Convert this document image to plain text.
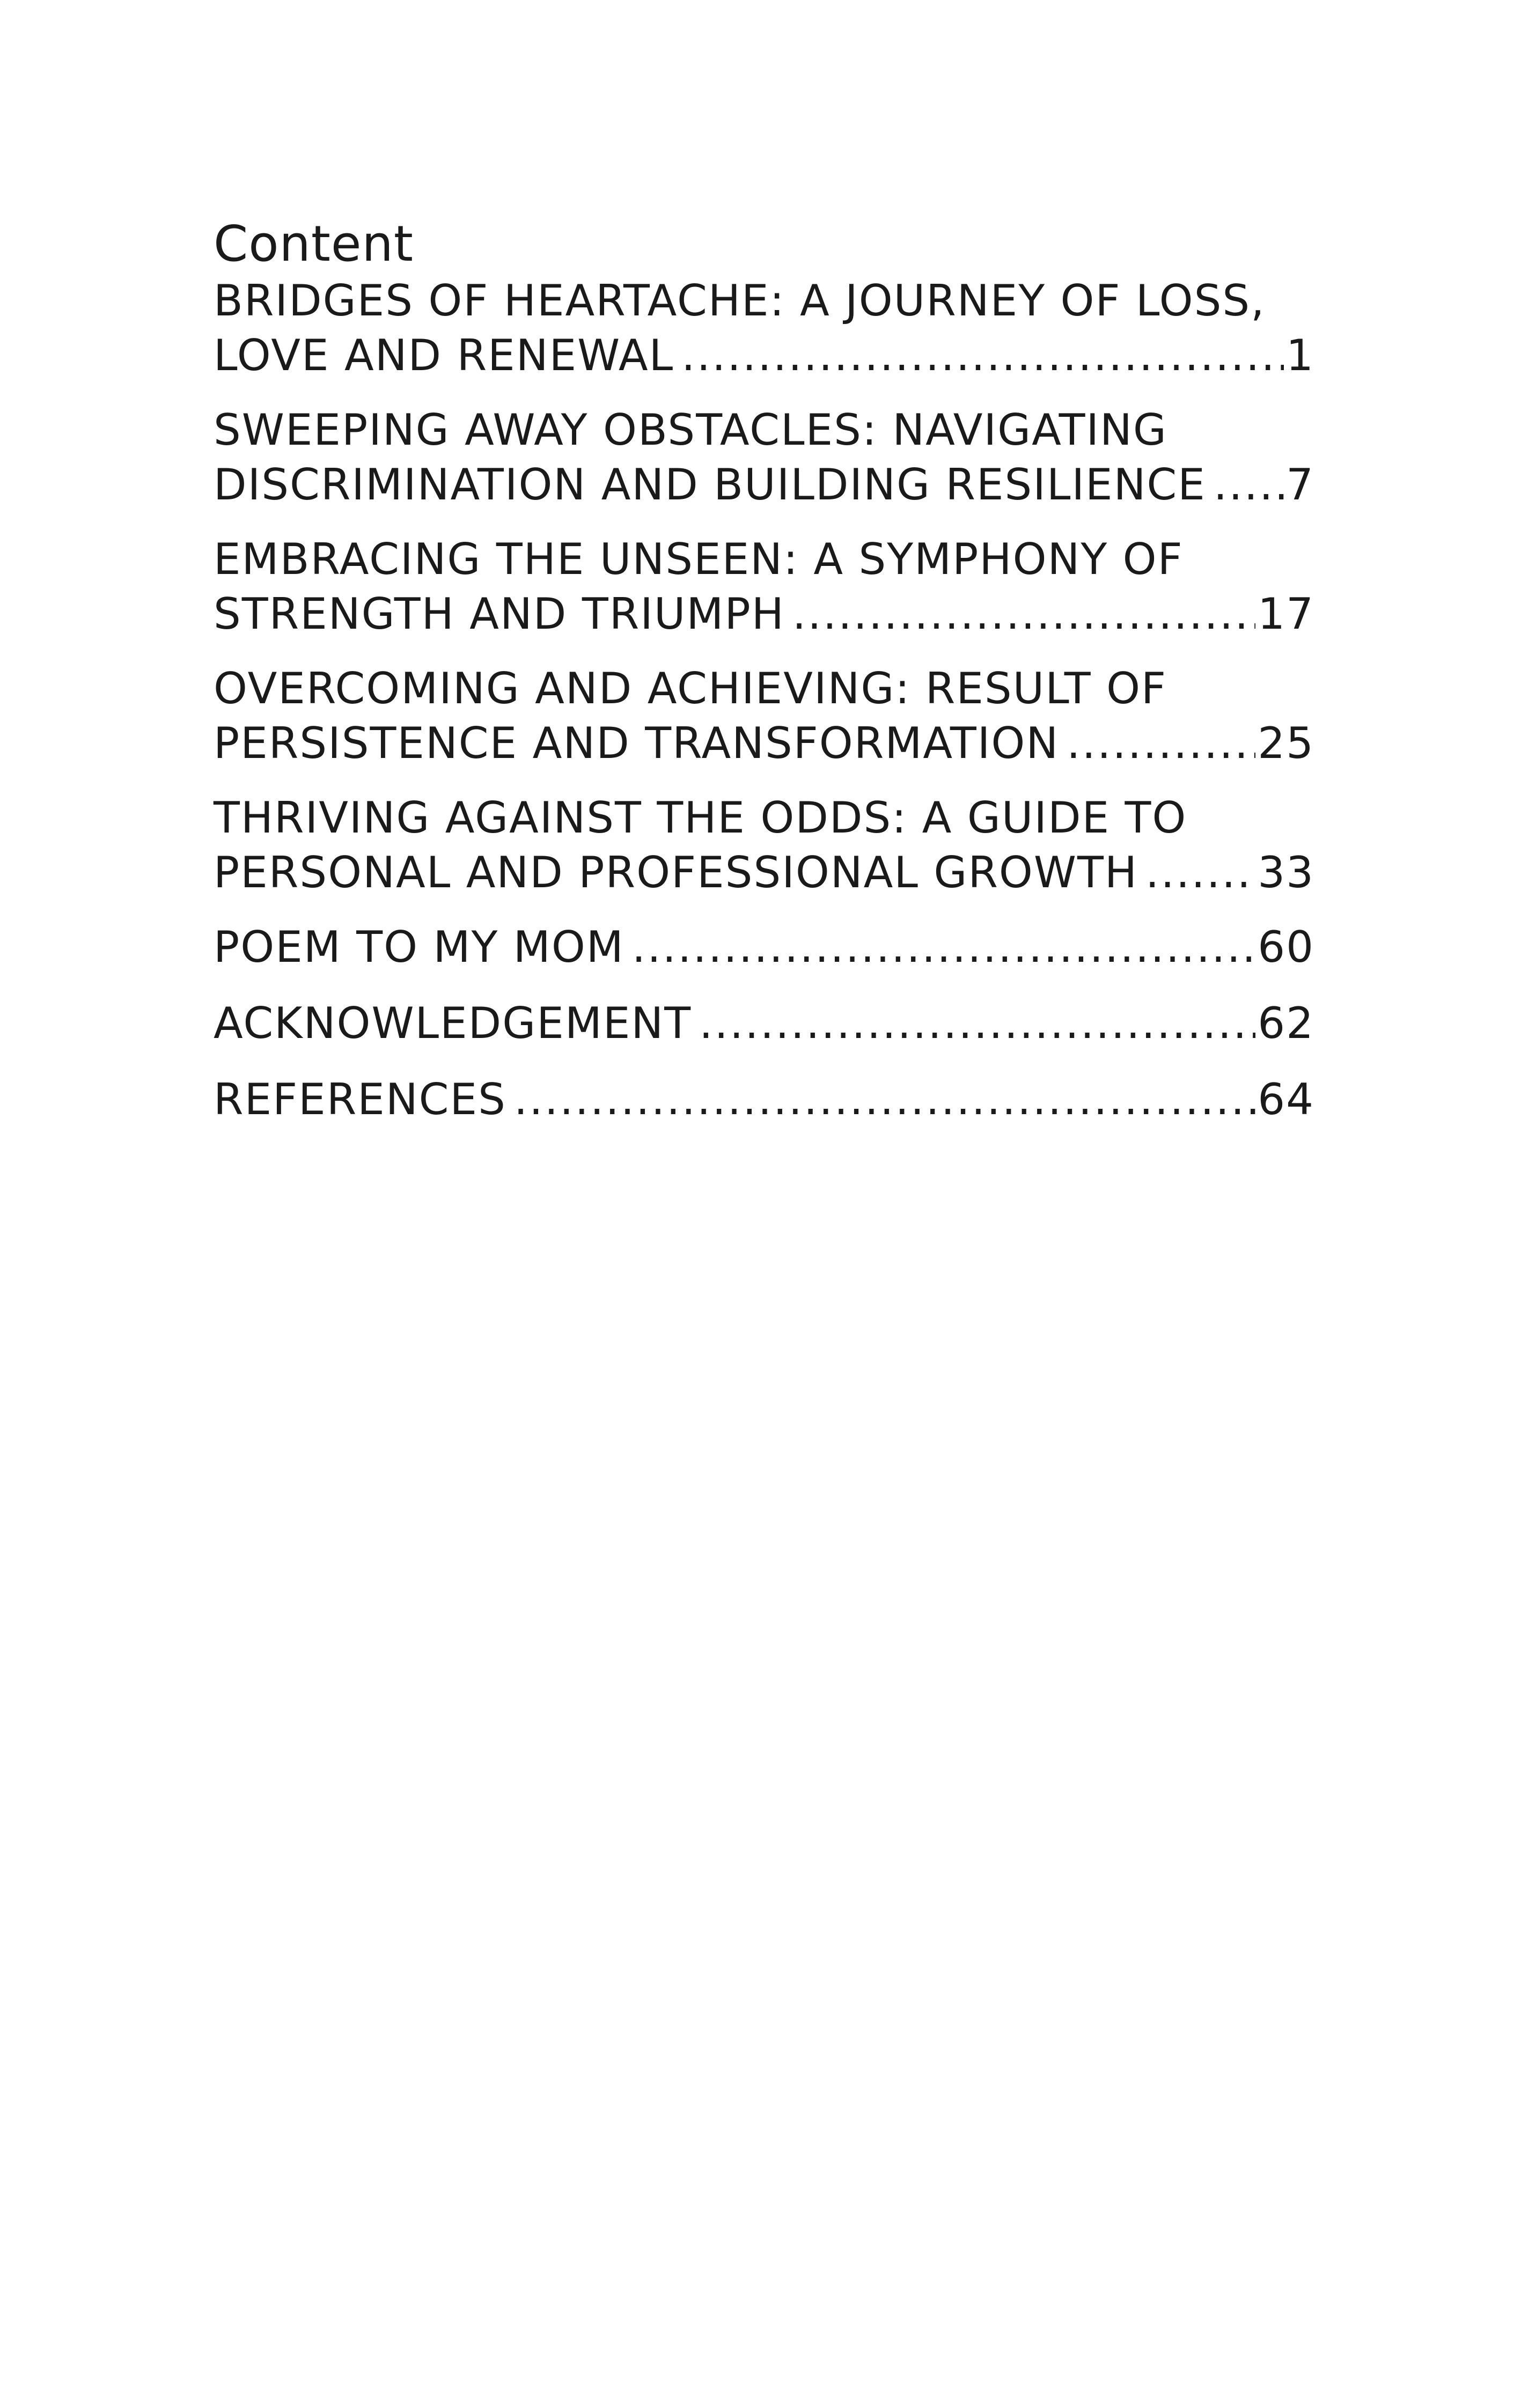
Content
BRIDGES OF HEARTACHE: A JOURNEY OF LOSS,
LOVE AND RENEWAL .....	1
SWEEPING AWAY OBSTACLES: NAVIGATING
DISCRIMINATION AND BUILDING RESILIENCE ..... 7
EMBRACING THE UNSEEN: A SYMPHONY OF
STRENGTH AND TRIUMPH .....	17
OVERCOMING AND ACHIEVING: RESULT OF
PERSISTENCE AND TRANSFORMATION .....	25
THRIVING AGAINST THE ODDS: A GUIDE TO
PERSONAL AND PROFESSIONAL GROWTH .....	33
POEM TO MY MOM .....	60
ACKNOWLEDGEMENT .....	62
REFERENCES .....	64
